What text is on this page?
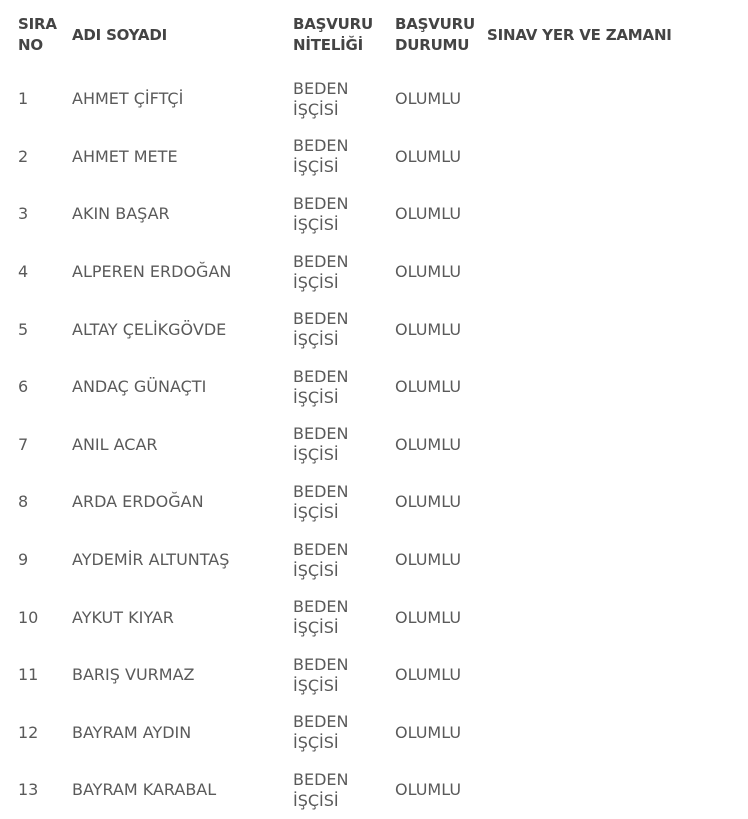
SIRA NO	ADI SOYADI	BAŞVURU NİTELİĞİ	BAŞVURU DURUMU	SINAV YER VE ZAMANI
1	AHMET ÇİFTÇİ	BEDEN İŞÇİSİ	OLUMLU	
2	AHMET METE	BEDEN İŞÇİSİ	OLUMLU	
3	AKIN BAŞAR	BEDEN İŞÇİSİ	OLUMLU	
4	ALPEREN ERDOĞAN	BEDEN İŞÇİSİ	OLUMLU	
5	ALTAY ÇELİKGÖVDE	BEDEN İŞÇİSİ	OLUMLU	
6	ANDAÇ GÜNAÇTI	BEDEN İŞÇİSİ	OLUMLU	
7	ANIL ACAR	BEDEN İŞÇİSİ	OLUMLU	
8	ARDA ERDOĞAN	BEDEN İŞÇİSİ	OLUMLU	
9	AYDEMİR ALTUNTAŞ	BEDEN İŞÇİSİ	OLUMLU	
10	AYKUT KIYAR	BEDEN İŞÇİSİ	OLUMLU	
11	BARIŞ VURMAZ	BEDEN İŞÇİSİ	OLUMLU	
12	BAYRAM AYDIN	BEDEN İŞÇİSİ	OLUMLU	
13	BAYRAM KARABAL	BEDEN İŞÇİSİ	OLUMLU	
